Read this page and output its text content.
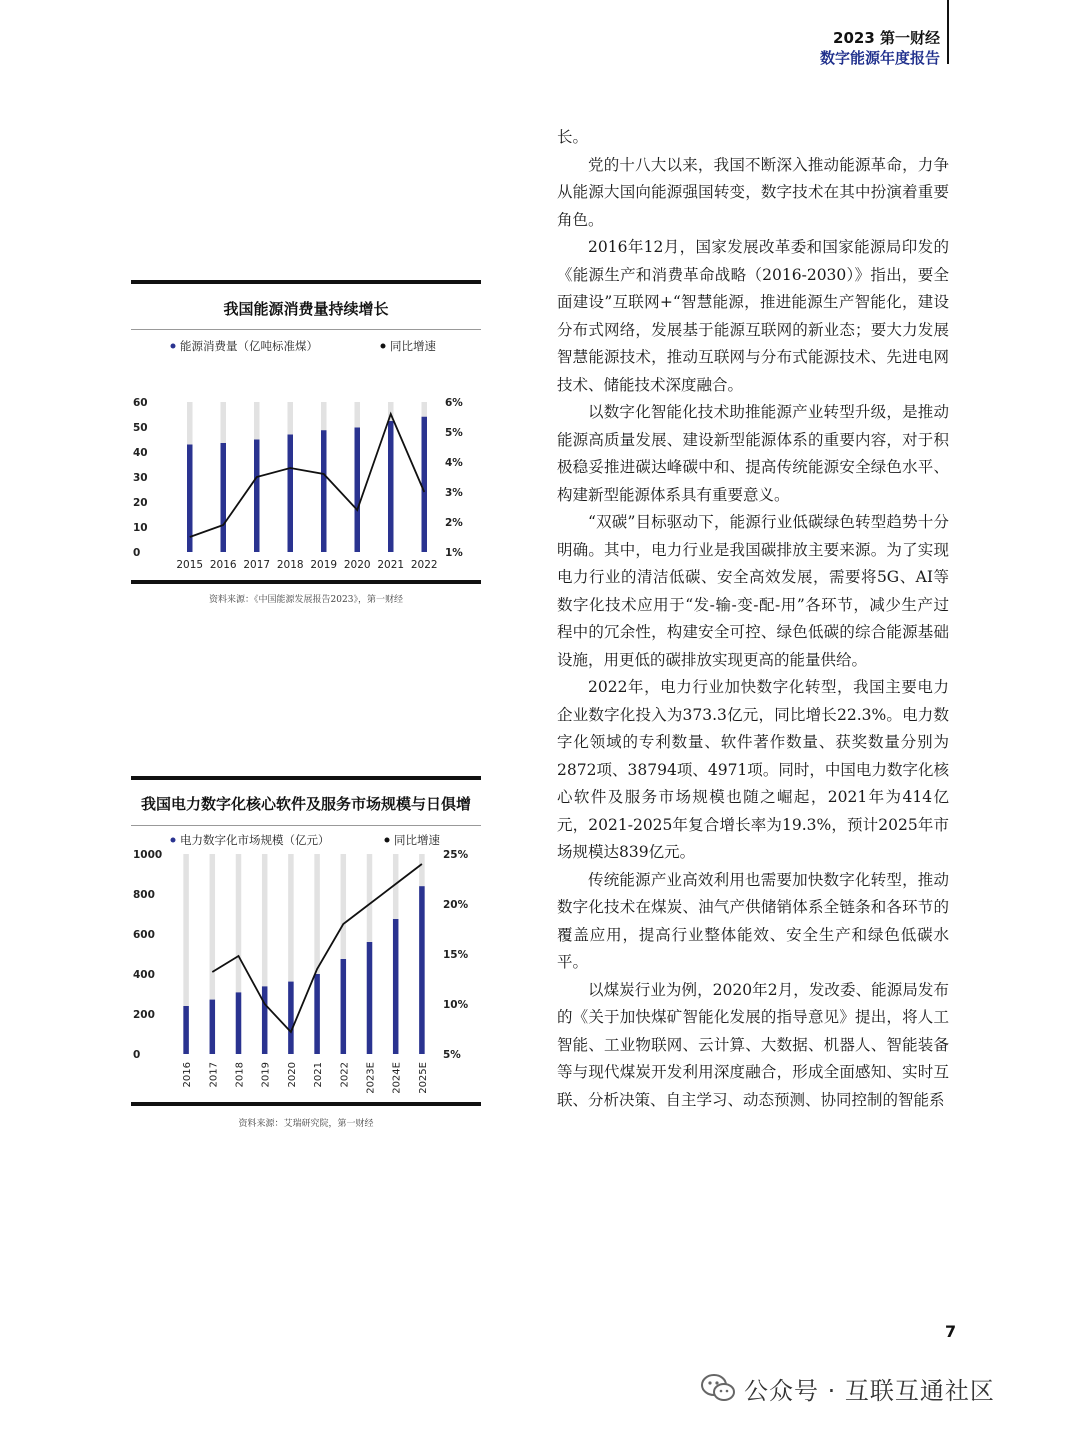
2023 第一财经
数字能源年度报告
我国能源消费量持续增长
能源消费量（亿吨标准煤）	同比增速
0
10
20
30
40
50
60
1%
2%
3%
4%
5%
6%
2015 2016 2017 2018 2019 2020 2021 2022
资料来源：《中国能源发展报告2023》，第一财经
我国电力数字化核心软件及服务市场规模与日俱增
电力数字化市场规模（亿元）	同比增速
0
200
400
600
800
1000
5%
10%
15%
20%
25%
2016 2017 2018 2019 2020 2021 2022 2023E 2024E 2025E
资料来源：艾瑞研究院，第一财经

长。

党的十八大以来，我国不断深入推动能源革命，力争从能源大国向能源强国转变，数字技术在其中扮演着重要角色。

2016年12月，国家发展改革委和国家能源局印发的《能源生产和消费革命战略（2016-2030）》指出，要全面建设”互联网+“智慧能源，推进能源生产智能化，建设分布式网络，发展基于能源互联网的新业态；要大力发展智慧能源技术，推动互联网与分布式能源技术、先进电网技术、储能技术深度融合。

以数字化智能化技术助推能源产业转型升级，是推动能源高质量发展、建设新型能源体系的重要内容，对于积极稳妥推进碳达峰碳中和、提高传统能源安全绿色水平、构建新型能源体系具有重要意义。

“双碳”目标驱动下，能源行业低碳绿色转型趋势十分明确。其中，电力行业是我国碳排放主要来源。为了实现电力行业的清洁低碳、安全高效发展，需要将5G、AI等数字化技术应用于“发-输-变-配-用”各环节，减少生产过程中的冗余性，构建安全可控、绿色低碳的综合能源基础设施，用更低的碳排放实现更高的能量供给。

2022年，电力行业加快数字化转型，我国主要电力企业数字化投入为373.3亿元，同比增长22.3%。电力数字化领域的专利数量、软件著作数量、获奖数量分别为2872项、38794项、4971项。同时，中国电力数字化核心软件及服务市场规模也随之崛起，2021年为414亿元，2021-2025年复合增长率为19.3%，预计2025年市场规模达839亿元。

传统能源产业高效利用也需要加快数字化转型，推动数字化技术在煤炭、油气产供储销体系全链条和各环节的覆盖应用，提高行业整体能效、安全生产和绿色低碳水平。

以煤炭行业为例，2020年2月，发改委、能源局发布的《关于加快煤矿智能化发展的指导意见》提出，将人工智能、工业物联网、云计算、大数据、机器人、智能装备等与现代煤炭开发利用深度融合，形成全面感知、实时互联、分析决策、自主学习、动态预测、协同控制的智能系

7
公众号 · 互联互通社区
